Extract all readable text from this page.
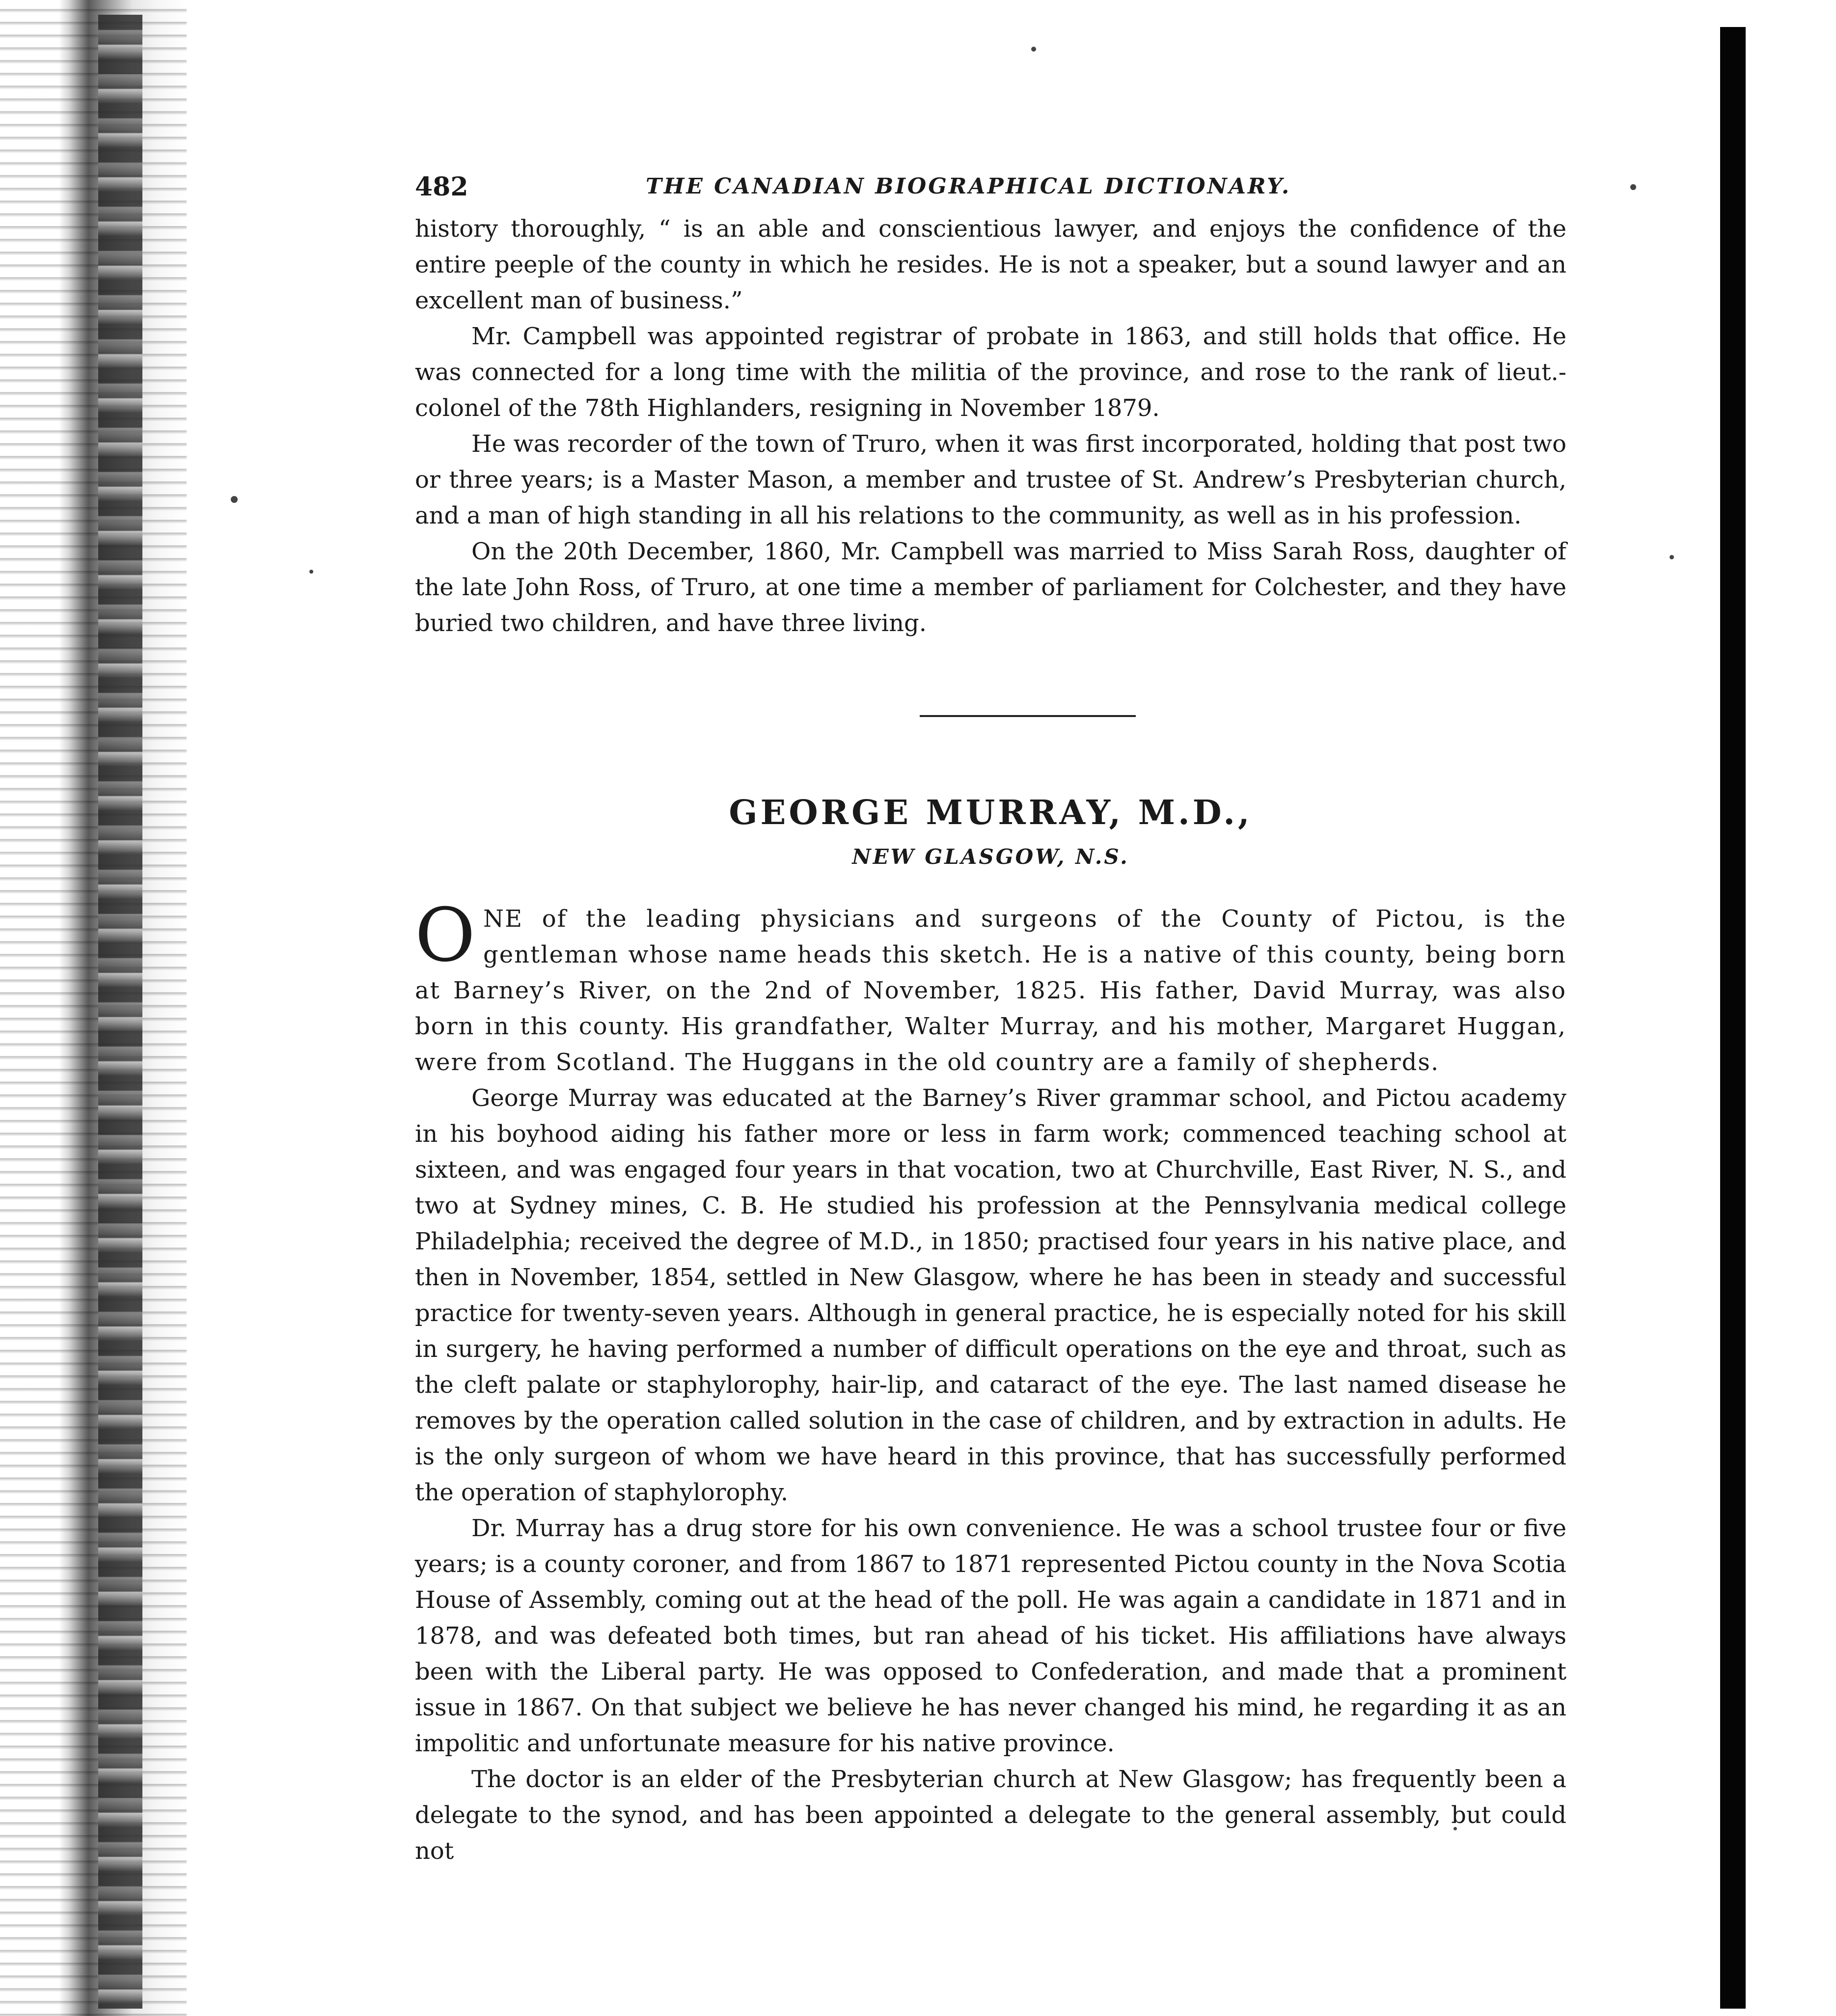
482	THE CANADIAN BIOGRAPHICAL DICTIONARY.

history thoroughly, “ is an able and conscientious lawyer, and enjoys the confidence of the entire peeple of the county in which he resides. He is not a speaker, but a sound lawyer and an excellent man of business.”

Mr. Campbell was appointed registrar of probate in 1863, and still holds that office. He was connected for a long time with the militia of the province, and rose to the rank of lieut.-colonel of the 78th Highlanders, resigning in November 1879.

He was recorder of the town of Truro, when it was first incorporated, holding that post two or three years; is a Master Mason, a member and trustee of St. Andrew’s Presbyterian church, and a man of high standing in all his relations to the community, as well as in his profession.

On the 20th December, 1860, Mr. Campbell was married to Miss Sarah Ross, daughter of the late John Ross, of Truro, at one time a member of parliament for Colchester, and they have buried two children, and have three living.

GEORGE MURRAY, M.D.,
NEW GLASGOW, N.S.

ONE of the leading physicians and surgeons of the County of Pictou, is the gentleman whose name heads this sketch. He is a native of this county, being born at Barney’s River, on the 2nd of November, 1825. His father, David Murray, was also born in this county. His grandfather, Walter Murray, and his mother, Margaret Huggan, were from Scotland. The Huggans in the old country are a family of shepherds.

George Murray was educated at the Barney’s River grammar school, and Pictou academy in his boyhood aiding his father more or less in farm work; commenced teaching school at sixteen, and was engaged four years in that vocation, two at Churchville, East River, N. S., and two at Sydney mines, C. B. He studied his profession at the Pennsylvania medical college Philadelphia; received the degree of M.D., in 1850; practised four years in his native place, and then in November, 1854, settled in New Glasgow, where he has been in steady and successful practice for twenty-seven years. Although in general practice, he is especially noted for his skill in surgery, he having performed a number of difficult operations on the eye and throat, such as the cleft palate or staphylorophy, hair-lip, and cataract of the eye. The last named disease he removes by the operation called solution in the case of children, and by extraction in adults. He is the only surgeon of whom we have heard in this province, that has successfully performed the operation of staphylorophy.

Dr. Murray has a drug store for his own convenience. He was a school trustee four or five years; is a county coroner, and from 1867 to 1871 represented Pictou county in the Nova Scotia House of Assembly, coming out at the head of the poll. He was again a candidate in 1871 and in 1878, and was defeated both times, but ran ahead of his ticket. His affiliations have always been with the Liberal party. He was opposed to Confederation, and made that a prominent issue in 1867. On that subject we believe he has never changed his mind, he regarding it as an impolitic and unfortunate measure for his native province.

The doctor is an elder of the Presbyterian church at New Glasgow; has frequently been a delegate to the synod, and has been appointed a delegate to the general assembly, but could not
